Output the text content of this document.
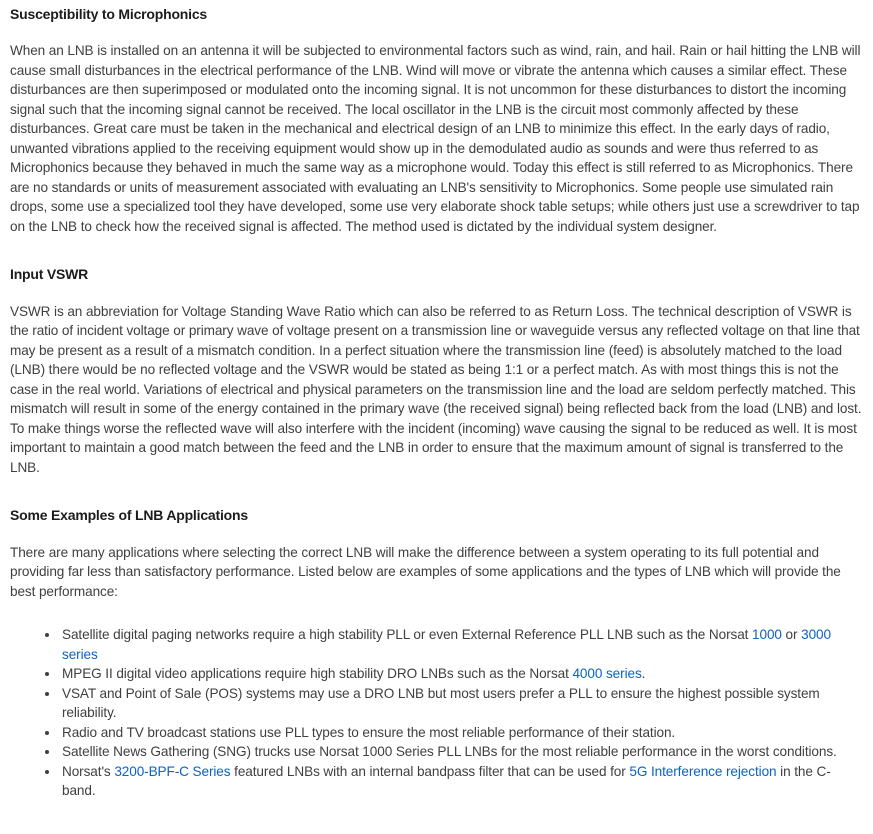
Susceptibility to Microphonics

When an LNB is installed on an antenna it will be subjected to environmental factors such as wind, rain, and hail. Rain or hail hitting the LNB will cause small disturbances in the electrical performance of the LNB. Wind will move or vibrate the antenna which causes a similar effect. These disturbances are then superimposed or modulated onto the incoming signal. It is not uncommon for these disturbances to distort the incoming signal such that the incoming signal cannot be received. The local oscillator in the LNB is the circuit most commonly affected by these disturbances. Great care must be taken in the mechanical and electrical design of an LNB to minimize this effect. In the early days of radio, unwanted vibrations applied to the receiving equipment would show up in the demodulated audio as sounds and were thus referred to as Microphonics because they behaved in much the same way as a microphone would. Today this effect is still referred to as Microphonics. There are no standards or units of measurement associated with evaluating an LNB's sensitivity to Microphonics. Some people use simulated rain drops, some use a specialized tool they have developed, some use very elaborate shock table setups; while others just use a screwdriver to tap on the LNB to check how the received signal is affected. The method used is dictated by the individual system designer.

Input VSWR

VSWR is an abbreviation for Voltage Standing Wave Ratio which can also be referred to as Return Loss. The technical description of VSWR is the ratio of incident voltage or primary wave of voltage present on a transmission line or waveguide versus any reflected voltage on that line that may be present as a result of a mismatch condition. In a perfect situation where the transmission line (feed) is absolutely matched to the load (LNB) there would be no reflected voltage and the VSWR would be stated as being 1:1 or a perfect match. As with most things this is not the case in the real world. Variations of electrical and physical parameters on the transmission line and the load are seldom perfectly matched. This mismatch will result in some of the energy contained in the primary wave (the received signal) being reflected back from the load (LNB) and lost. To make things worse the reflected wave will also interfere with the incident (incoming) wave causing the signal to be reduced as well. It is most important to maintain a good match between the feed and the LNB in order to ensure that the maximum amount of signal is transferred to the LNB.

Some Examples of LNB Applications

There are many applications where selecting the correct LNB will make the difference between a system operating to its full potential and providing far less than satisfactory performance. Listed below are examples of some applications and the types of LNB which will provide the best performance:

• Satellite digital paging networks require a high stability PLL or even External Reference PLL LNB such as the Norsat 1000 or 3000 series
• MPEG II digital video applications require high stability DRO LNBs such as the Norsat 4000 series.
• VSAT and Point of Sale (POS) systems may use a DRO LNB but most users prefer a PLL to ensure the highest possible system reliability.
• Radio and TV broadcast stations use PLL types to ensure the most reliable performance of their station.
• Satellite News Gathering (SNG) trucks use Norsat 1000 Series PLL LNBs for the most reliable performance in the worst conditions.
• Norsat's 3200-BPF-C Series featured LNBs with an internal bandpass filter that can be used for 5G Interference rejection in the C-band.
